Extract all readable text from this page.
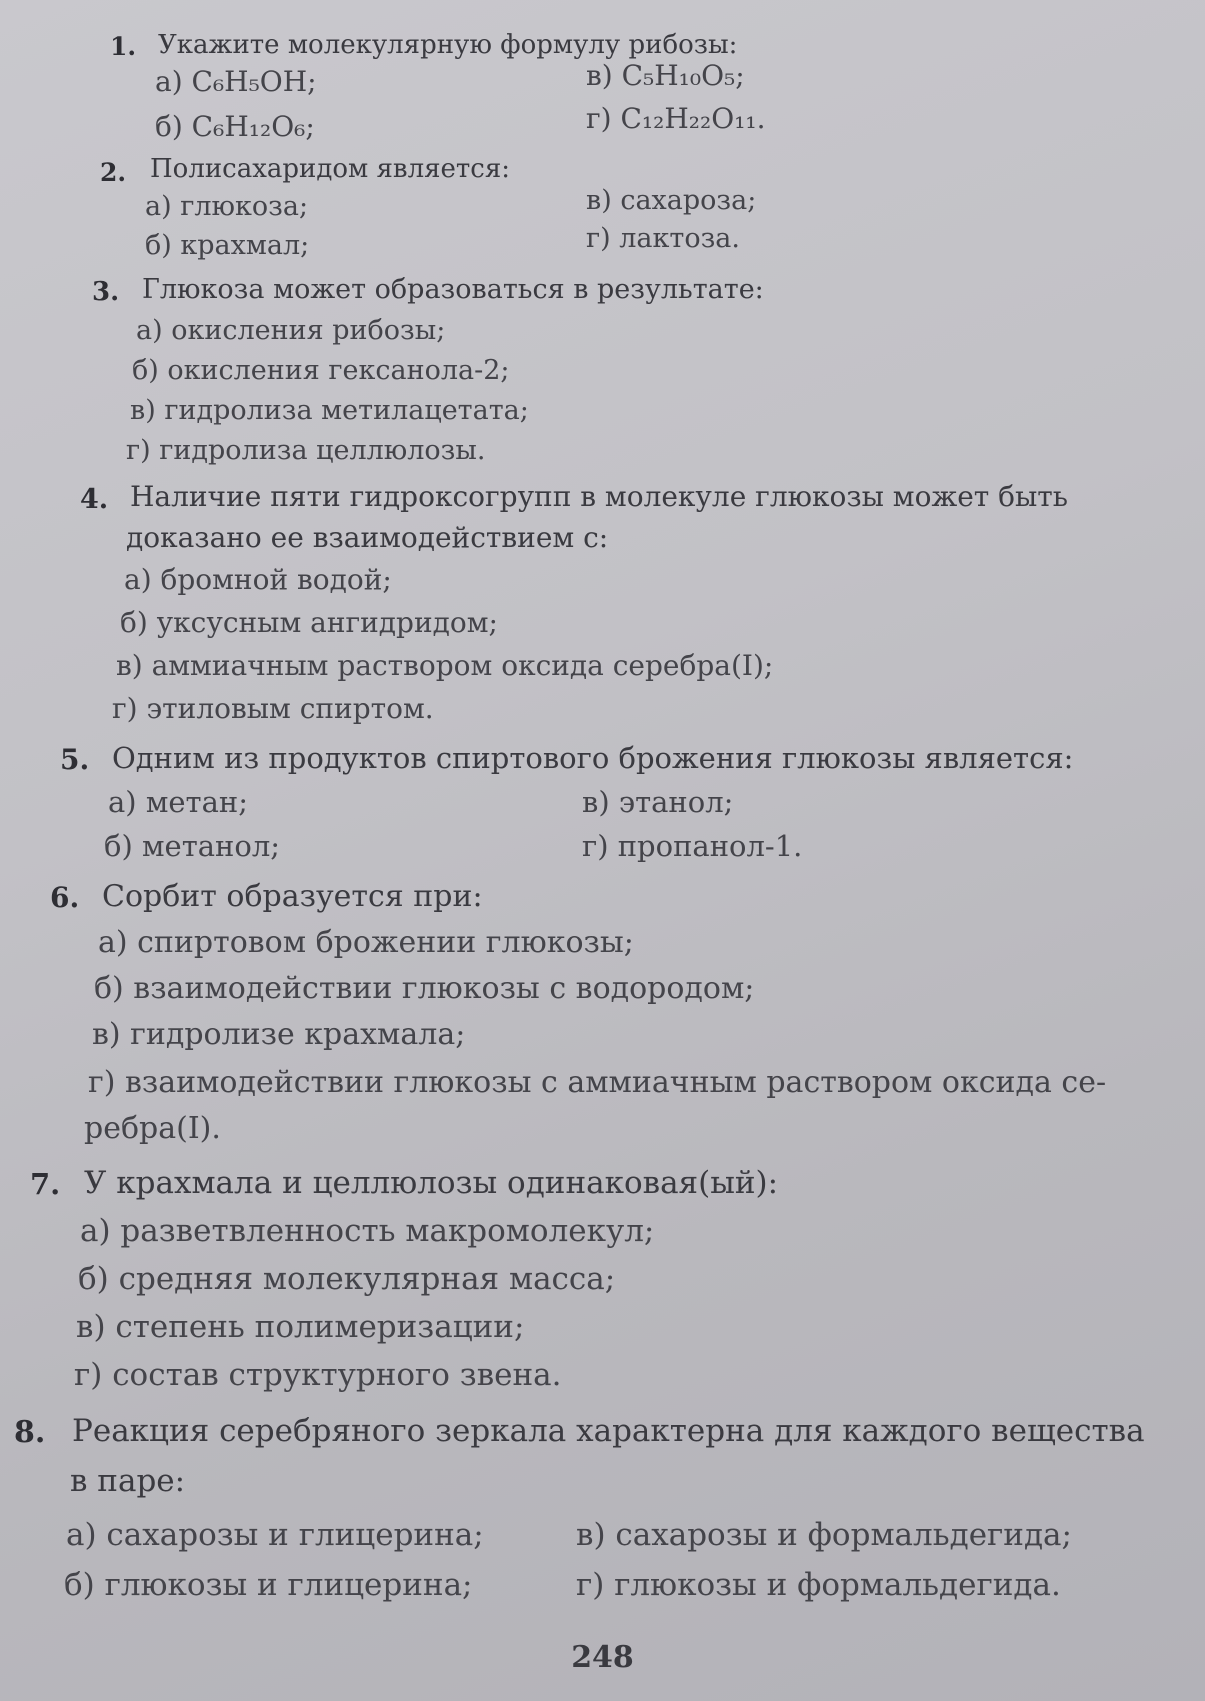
1. Укажите молекулярную формулу рибозы:
а) C₆H₅OH;	в) C₅H₁₀O₅;
б) C₆H₁₂O₆;	г) C₁₂H₂₂O₁₁.
2. Полисахаридом является:
а) глюкоза;	в) сахароза;
б) крахмал;	г) лактоза.
3. Глюкоза может образоваться в результате:
а) окисления рибозы;
б) окисления гексанола-2;
в) гидролиза метилацетата;
г) гидролиза целлюлозы.
4. Наличие пяти гидроксогрупп в молекуле глюкозы может быть
доказано ее взаимодействием с:
а) бромной водой;
б) уксусным ангидридом;
в) аммиачным раствором оксида серебра(I);
г) этиловым спиртом.
5. Одним из продуктов спиртового брожения глюкозы является:
а) метан;	в) этанол;
б) метанол;	г) пропанол-1.
6. Сорбит образуется при:
а) спиртовом брожении глюкозы;
б) взаимодействии глюкозы с водородом;
в) гидролизе крахмала;
г) взаимодействии глюкозы с аммиачным раствором оксида се-
ребра(I).
7. У крахмала и целлюлозы одинаковая(ый):
а) разветвленность макромолекул;
б) средняя молекулярная масса;
в) степень полимеризации;
г) состав структурного звена.
8. Реакция серебряного зеркала характерна для каждого вещества
в паре:
а) сахарозы и глицерина;	в) сахарозы и формальдегида;
б) глюкозы и глицерина;	г) глюкозы и формальдегида.
248
